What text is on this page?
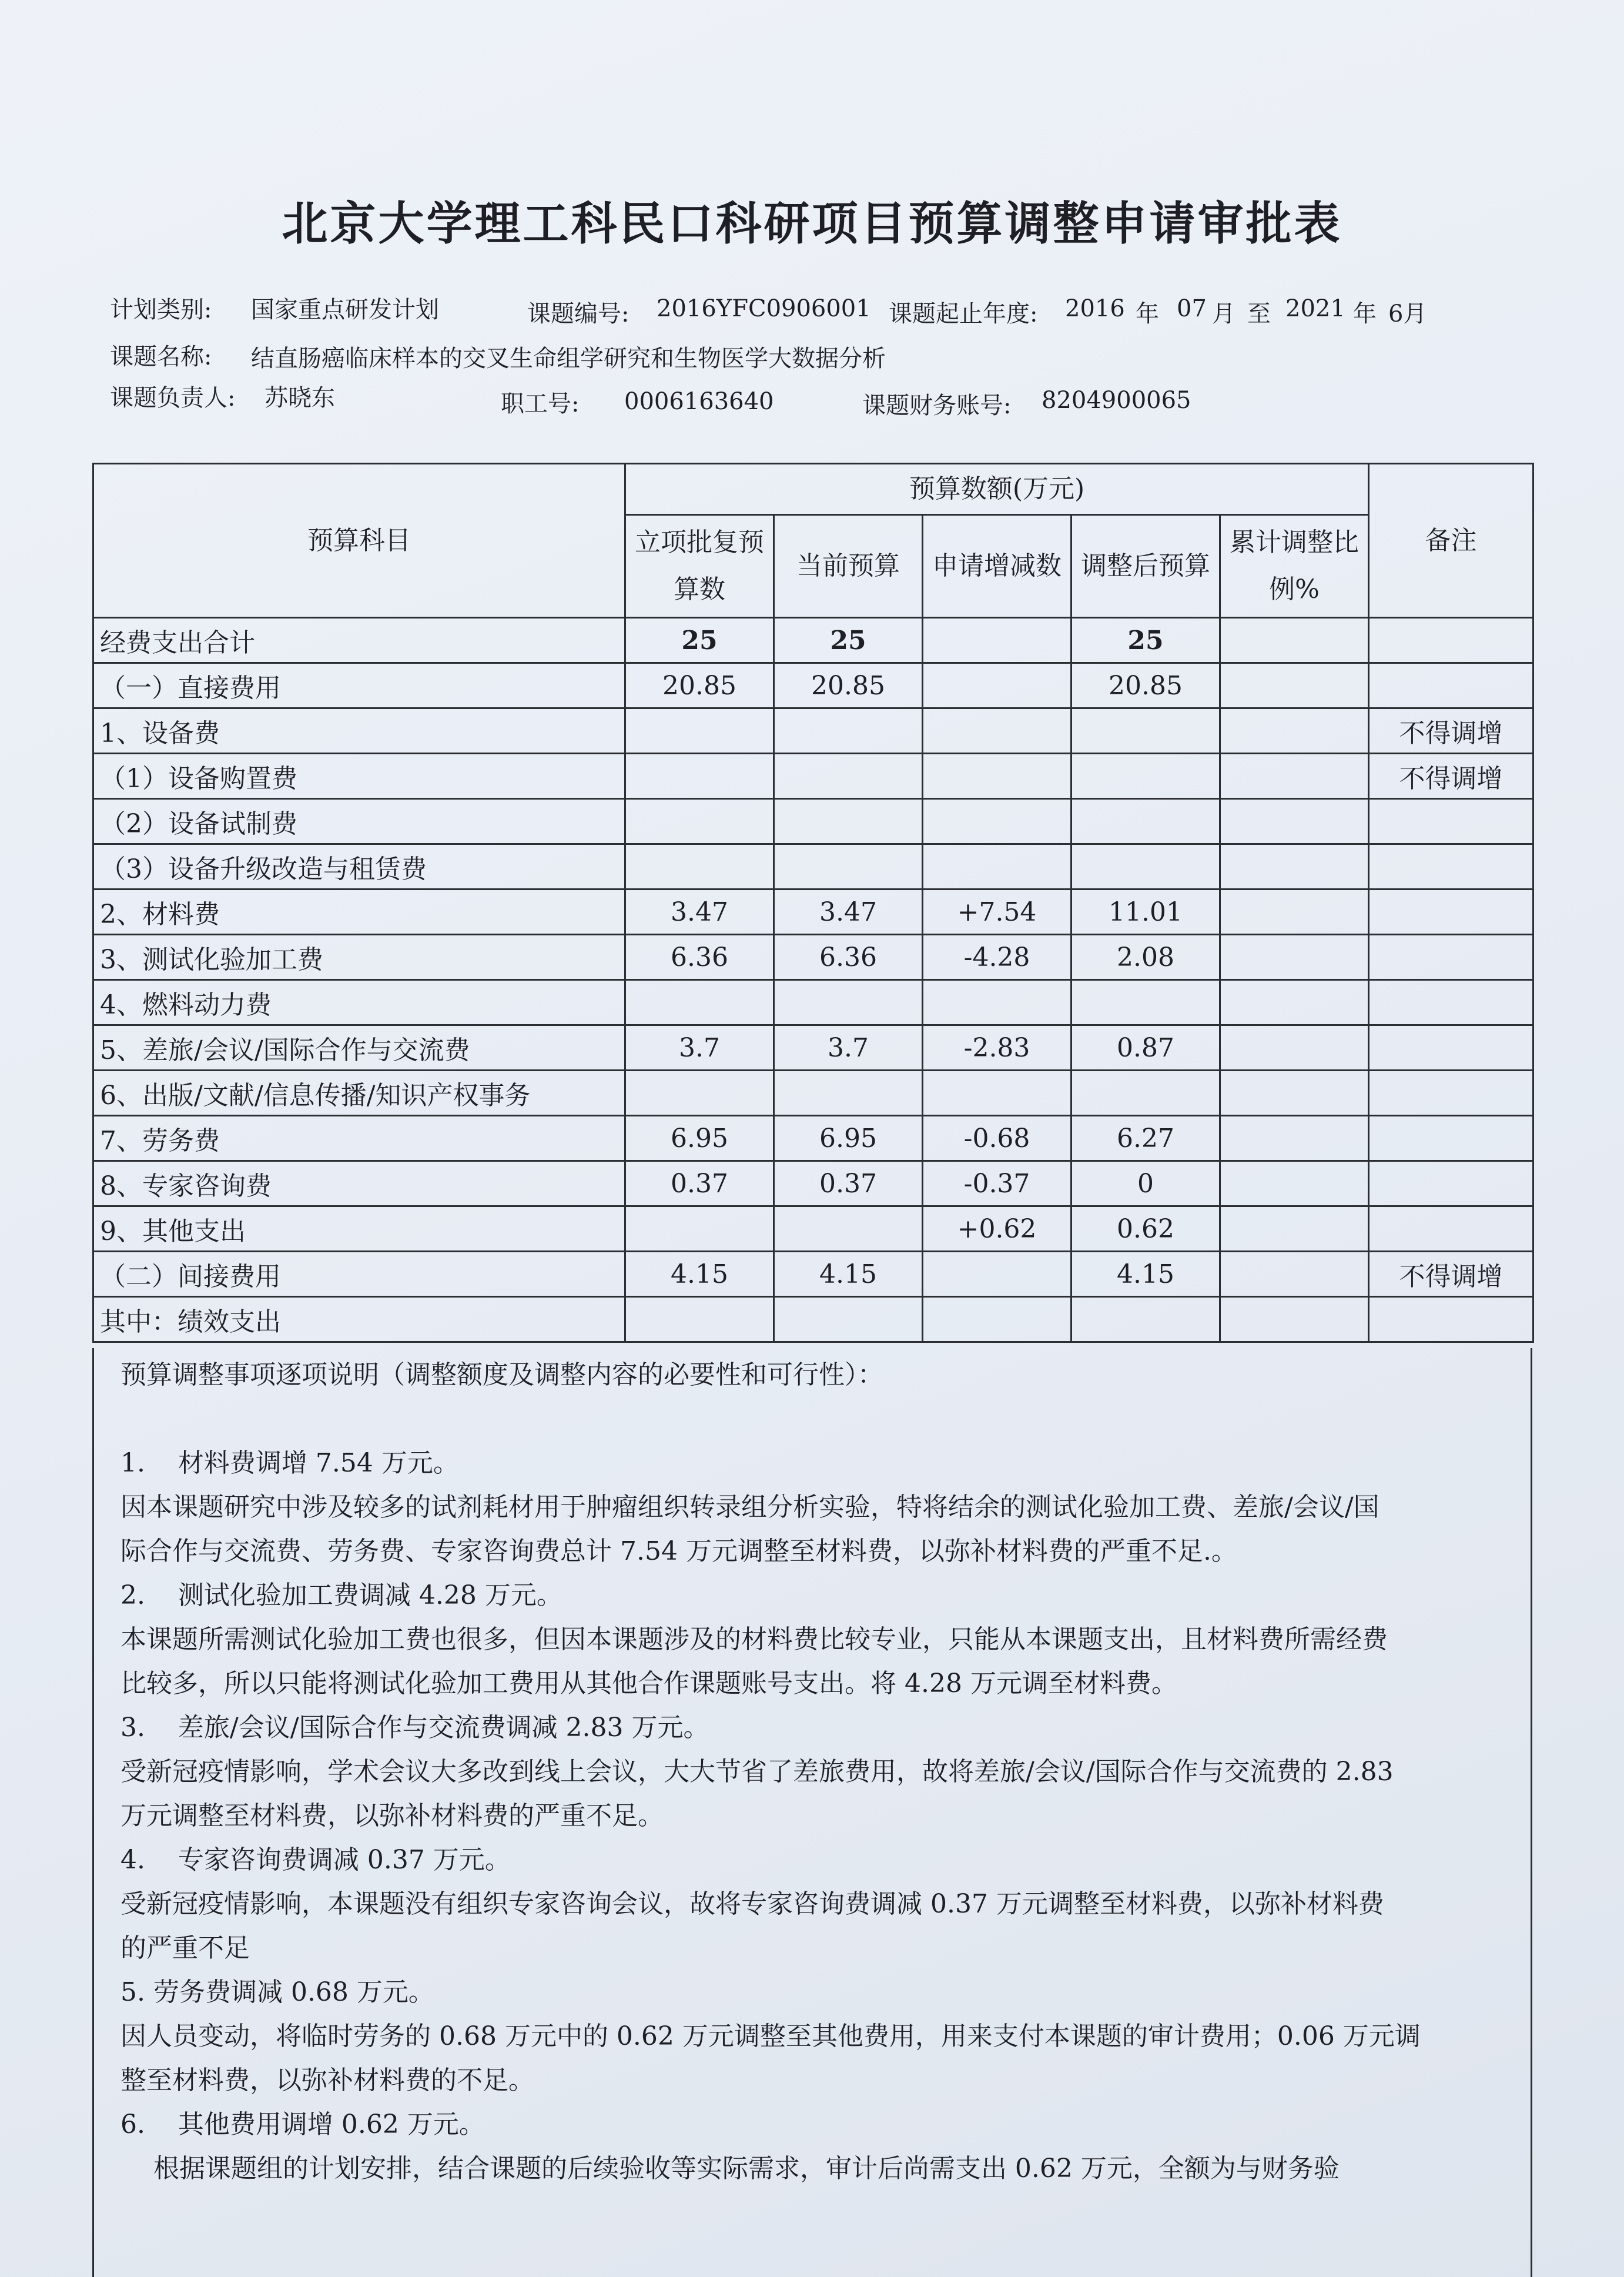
北京大学理工科民口科研项目预算调整申请审批表
计划类别: 国家重点研发计划	课题编号: 2016YFC0906001 课题起止年度: 2016 年 07 月 至 2021 年 6月
课题名称: 结直肠癌临床样本的交叉生命组学研究和生物医学大数据分析
课题负责人: 苏晓东	职工号: 0006163640	课题财务账号: 8204900065
预算科目	预算数额(万元)					备注
	立项批复预算数	当前预算	申请增减数	调整后预算	累计调整比例%	
经费支出合计	25	25		25		
（一）直接费用	20.85	20.85		20.85		
1、设备费						不得调增
（1）设备购置费						不得调增
（2）设备试制费						
（3）设备升级改造与租赁费						
2、材料费	3.47	3.47	+7.54	11.01		
3、测试化验加工费	6.36	6.36	-4.28	2.08		
4、燃料动力费						
5、差旅/会议/国际合作与交流费	3.7	3.7	-2.83	0.87		
6、出版/文献/信息传播/知识产权事务						
7、劳务费	6.95	6.95	-0.68	6.27		
8、专家咨询费	0.37	0.37	-0.37	0		
9、其他支出			+0.62	0.62		
（二）间接费用	4.15	4.15		4.15		不得调增
其中：绩效支出						

预算调整事项逐项说明（调整额度及调整内容的必要性和可行性）：

1.    材料费调增 7.54 万元。

因本课题研究中涉及较多的试剂耗材用于肿瘤组织转录组分析实验，特将结余的测试化验加工费、差旅/会议/国

际合作与交流费、劳务费、专家咨询费总计 7.54 万元调整至材料费，以弥补材料费的严重不足.。

2.    测试化验加工费调减 4.28 万元。

本课题所需测试化验加工费也很多，但因本课题涉及的材料费比较专业，只能从本课题支出，且材料费所需经费

比较多，所以只能将测试化验加工费用从其他合作课题账号支出。将 4.28 万元调至材料费。

3.    差旅/会议/国际合作与交流费调减 2.83 万元。

受新冠疫情影响，学术会议大多改到线上会议，大大节省了差旅费用，故将差旅/会议/国际合作与交流费的 2.83

万元调整至材料费，以弥补材料费的严重不足。

4.    专家咨询费调减 0.37 万元。

受新冠疫情影响，本课题没有组织专家咨询会议，故将专家咨询费调减 0.37 万元调整至材料费，以弥补材料费

的严重不足

5. 劳务费调减 0.68 万元。

因人员变动，将临时劳务的 0.68 万元中的 0.62 万元调整至其他费用，用来支付本课题的审计费用；0.06 万元调

整至材料费，以弥补材料费的不足。

6.    其他费用调增 0.62 万元。

根据课题组的计划安排，结合课题的后续验收等实际需求，审计后尚需支出 0.62 万元，全额为与财务验
